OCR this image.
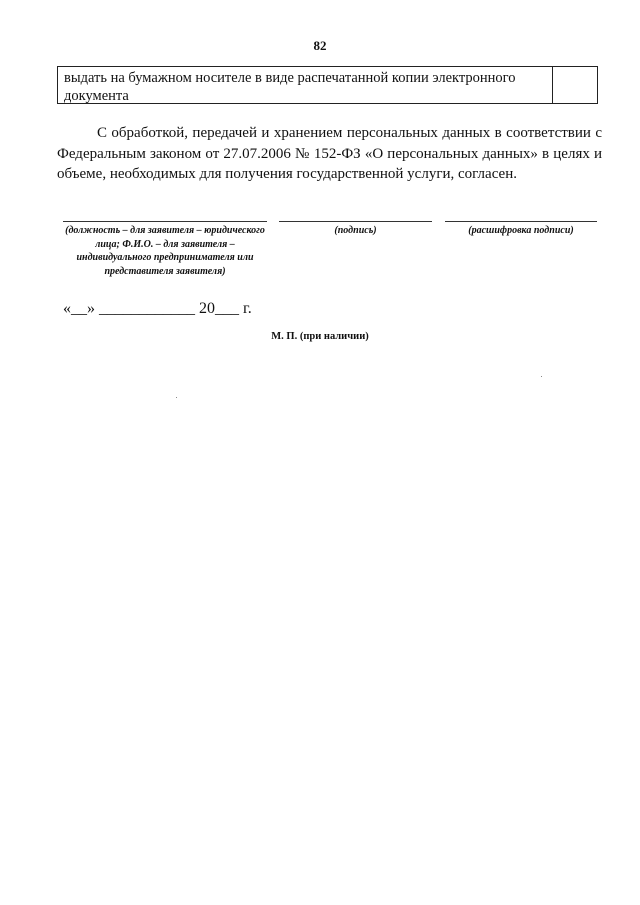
82
выдать на бумажном носителе в виде распечатанной копии электронного документа

С обработкой, передачей и хранением персональных данных в соответствии с Федеральным законом от 27.07.2006 № 152-ФЗ «О персональных данных» в целях и объеме, необходимых для получения государственной услуги, согласен.

(должность – для заявителя – юридического лица; Ф.И.О. – для заявителя – индивидуального предпринимателя или представителя заявителя)
(подпись)	(расшифровка подписи)
«__» ____________ 20___ г.
М. П. (при наличии)
